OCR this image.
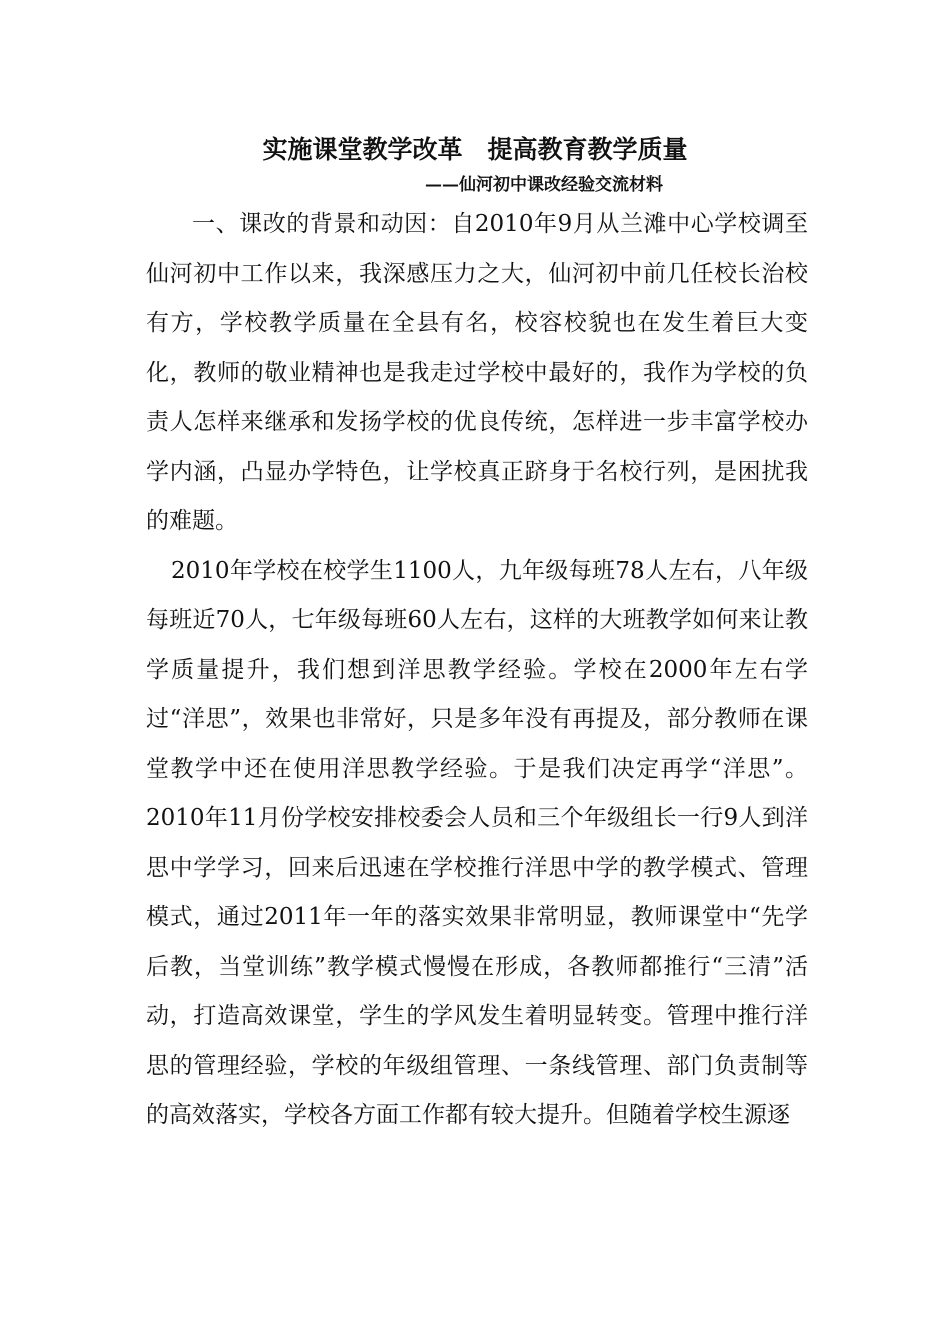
实施课堂教学改革　提高教育教学质量
——仙河初中课改经验交流材料

一、课改的背景和动因：自2010年9月从兰滩中心学校调至仙河初中工作以来，我深感压力之大，仙河初中前几任校长治校有方，学校教学质量在全县有名，校容校貌也在发生着巨大变化，教师的敬业精神也是我走过学校中最好的，我作为学校的负责人怎样来继承和发扬学校的优良传统，怎样进一步丰富学校办学内涵，凸显办学特色，让学校真正跻身于名校行列，是困扰我的难题。

2010年学校在校学生1100人，九年级每班78人左右，八年级每班近70人，七年级每班60人左右，这样的大班教学如何来让教学质量提升，我们想到洋思教学经验。学校在2000年左右学过“洋思”，效果也非常好，只是多年没有再提及，部分教师在课堂教学中还在使用洋思教学经验。于是我们决定再学“洋思”。2010年11月份学校安排校委会人员和三个年级组长一行9人到洋思中学学习，回来后迅速在学校推行洋思中学的教学模式、管理模式，通过2011年一年的落实效果非常明显，教师课堂中“先学后教，当堂训练”教学模式慢慢在形成，各教师都推行“三清”活动，打造高效课堂，学生的学风发生着明显转变。管理中推行洋思的管理经验，学校的年级组管理、一条线管理、部门负责制等的高效落实，学校各方面工作都有较大提升。但随着学校生源逐
